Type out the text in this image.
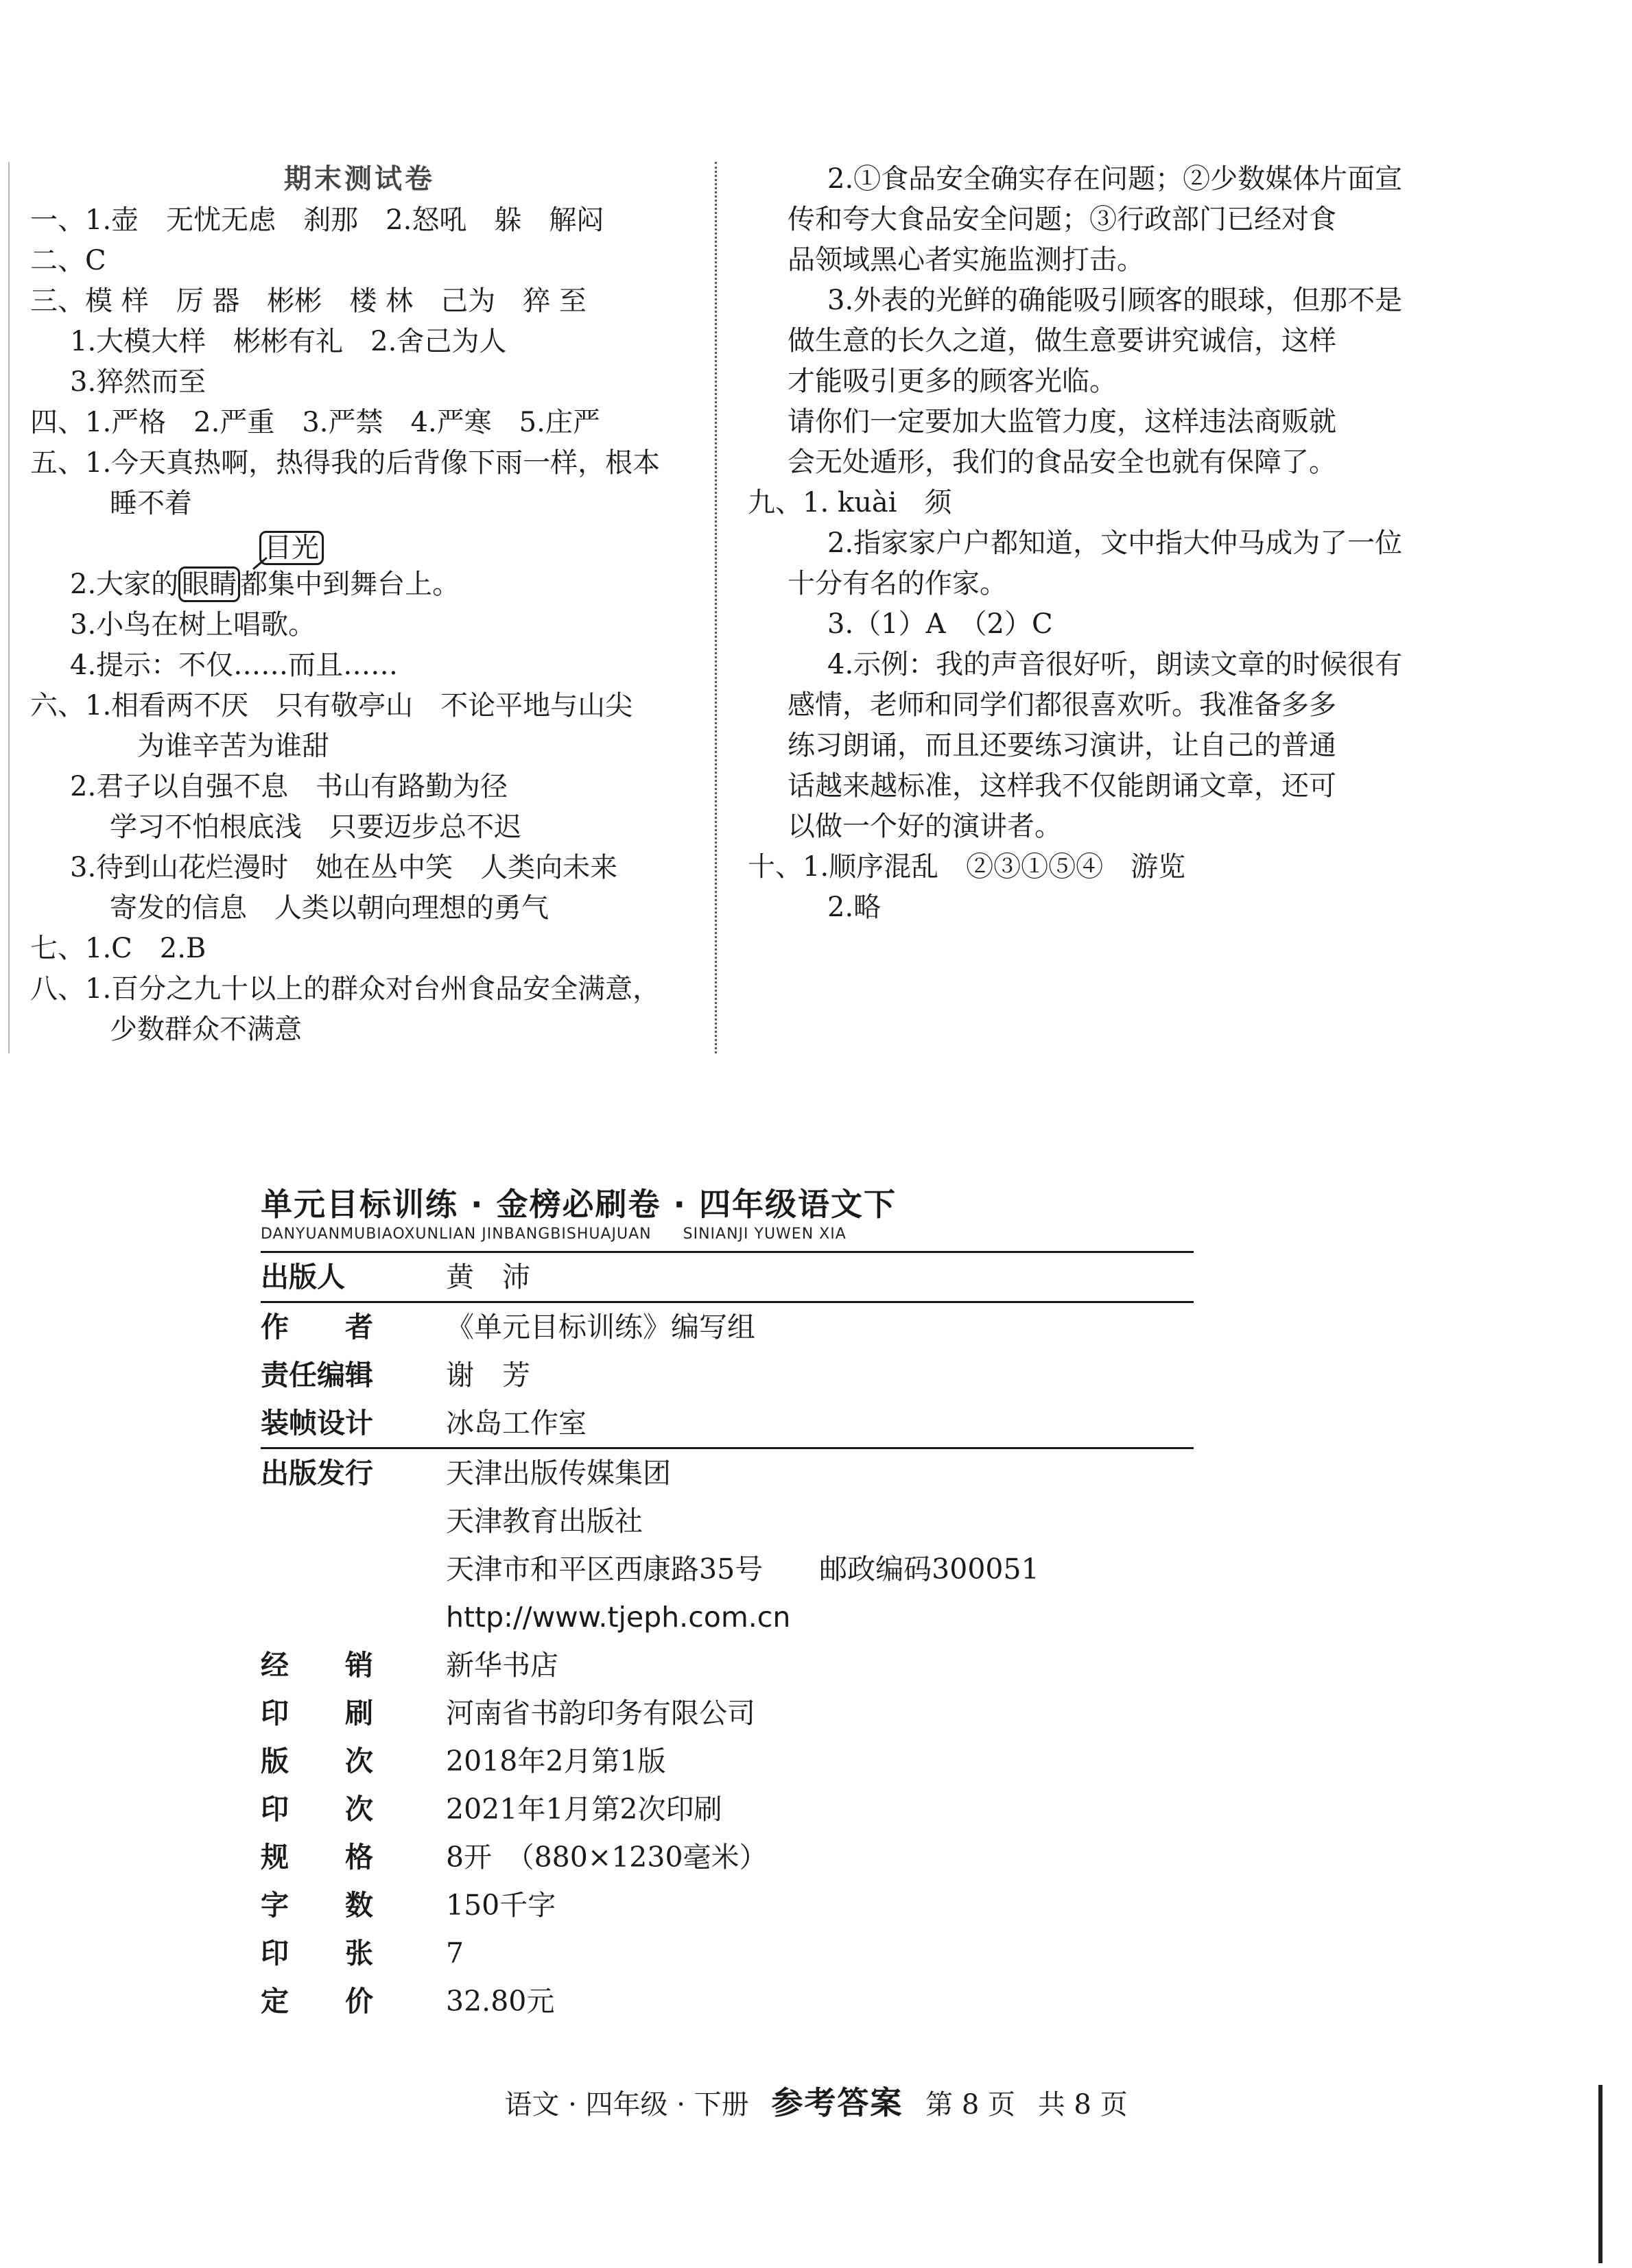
期末测试卷
一、1.壶　无忧无虑　刹那　2.怒吼　躲　解闷
二、C
三、模 样　厉 器　彬彬　楼 林　己为　猝 至
1.大模大样　彬彬有礼　2.舍己为人
3.猝然而至
四、1.严格　2.严重　3.严禁　4.严寒　5.庄严
五、1.今天真热啊，热得我的后背像下雨一样，根本
睡不着
目光
2.大家的 眼睛 都集中到舞台上。
3.小鸟在树上唱歌。
4.提示：不仅……而且……
六、1.相看两不厌　只有敬亭山　不论平地与山尖
为谁辛苦为谁甜
2.君子以自强不息　书山有路勤为径
学习不怕根底浅　只要迈步总不迟
3.待到山花烂漫时　她在丛中笑　人类向未来
寄发的信息　人类以朝向理想的勇气
七、1.C　2.B
八、1.百分之九十以上的群众对台州食品安全满意，
少数群众不满意
2.①食品安全确实存在问题；②少数媒体片面宣
传和夸大食品安全问题；③行政部门已经对食
品领域黑心者实施监测打击。
3.外表的光鲜的确能吸引顾客的眼球，但那不是
做生意的长久之道，做生意要讲究诚信，这样
才能吸引更多的顾客光临。
请你们一定要加大监管力度，这样违法商贩就
会无处遁形，我们的食品安全也就有保障了。
九、1. kuài　须
2.指家家户户都知道，文中指大仲马成为了一位
十分有名的作家。
3.（1）A　（2）C
4.示例：我的声音很好听，朗读文章的时候很有
感情，老师和同学们都很喜欢听。我准备多多
练习朗诵，而且还要练习演讲，让自己的普通
话越来越标准，这样我不仅能朗诵文章，还可
以做一个好的演讲者。
十、1.顺序混乱　②③①⑤④　游览
2.略
单元目标训练 · 金榜必刷卷 · 四年级语文下
DANYUANMUBIAOXUNLIAN JINBANGBISHUAJUAN　　SINIANJI YUWEN XIA
出版人	黄　沛
作　　者	《单元目标训练》编写组
责任编辑	谢　芳
装帧设计	冰岛工作室
出版发行	天津出版传媒集团
天津教育出版社
天津市和平区西康路35号　　邮政编码300051
http://www.tjeph.com.cn
经　　销	新华书店
印　　刷	河南省书韵印务有限公司
版　　次	2018年2月第1版
印　　次	2021年1月第2次印刷
规　　格	8开　（880×1230毫米）
字　　数	150千字
印　　张	7
定　　价	32.80元
语文 · 四年级 · 下册 参考答案 第 8 页 共 8 页
